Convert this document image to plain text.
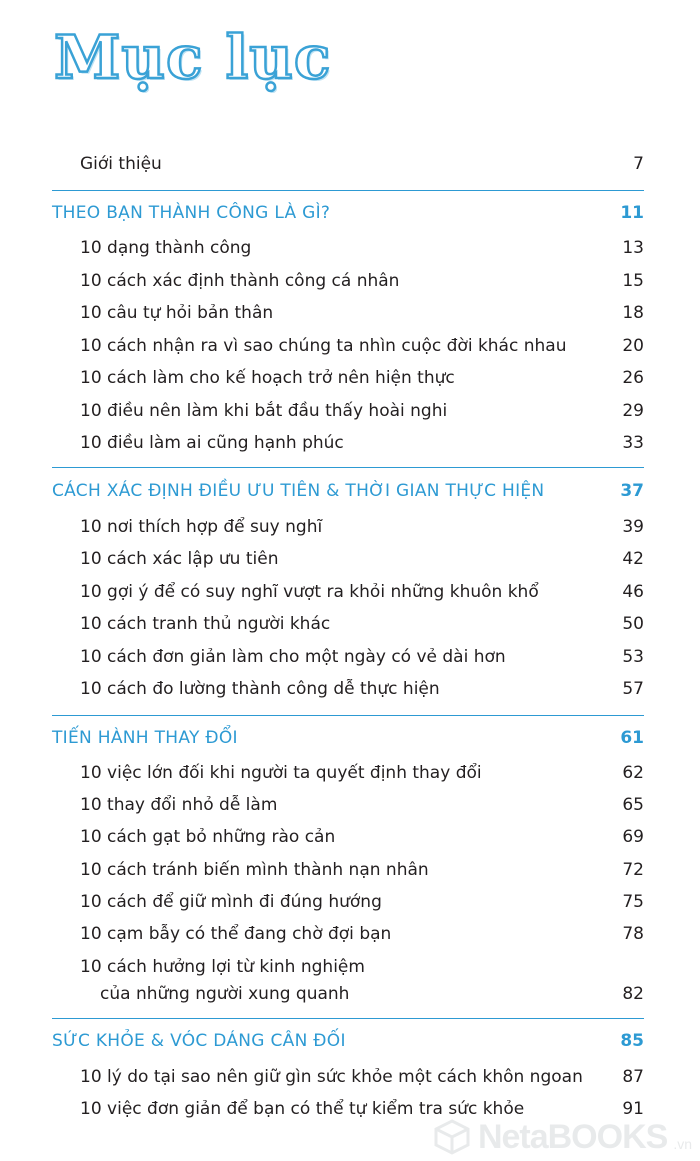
Mục lục
Giới thiệu	7
THEO BẠN THÀNH CÔNG LÀ GÌ?	11
10 dạng thành công	13
10 cách xác định thành công cá nhân	15
10 câu tự hỏi bản thân	18
10 cách nhận ra vì sao chúng ta nhìn cuộc đời khác nhau	20
10 cách làm cho kế hoạch trở nên hiện thực	26
10 điều nên làm khi bắt đầu thấy hoài nghi	29
10 điều làm ai cũng hạnh phúc	33
CÁCH XÁC ĐỊNH ĐIỀU ƯU TIÊN & THỜI GIAN THỰC HIỆN	37
10 nơi thích hợp để suy nghĩ	39
10 cách xác lập ưu tiên	42
10 gợi ý để có suy nghĩ vượt ra khỏi những khuôn khổ	46
10 cách tranh thủ người khác	50
10 cách đơn giản làm cho một ngày có vẻ dài hơn	53
10 cách đo lường thành công dễ thực hiện	57
TIẾN HÀNH THAY ĐỔI	61
10 việc lớn đối khi người ta quyết định thay đổi	62
10 thay đổi nhỏ dễ làm	65
10 cách gạt bỏ những rào cản	69
10 cách tránh biến mình thành nạn nhân	72
10 cách để giữ mình đi đúng hướng	75
10 cạm bẫy có thể đang chờ đợi bạn	78
10 cách hưởng lợi từ kinh nghiệm
của những người xung quanh	82
SỨC KHỎE & VÓC DÁNG CÂN ĐỐI	85
10 lý do tại sao nên giữ gìn sức khỏe một cách khôn ngoan 87
10 việc đơn giản để bạn có thể tự kiểm tra sức khỏe	91
NetaBOOKS .vn
